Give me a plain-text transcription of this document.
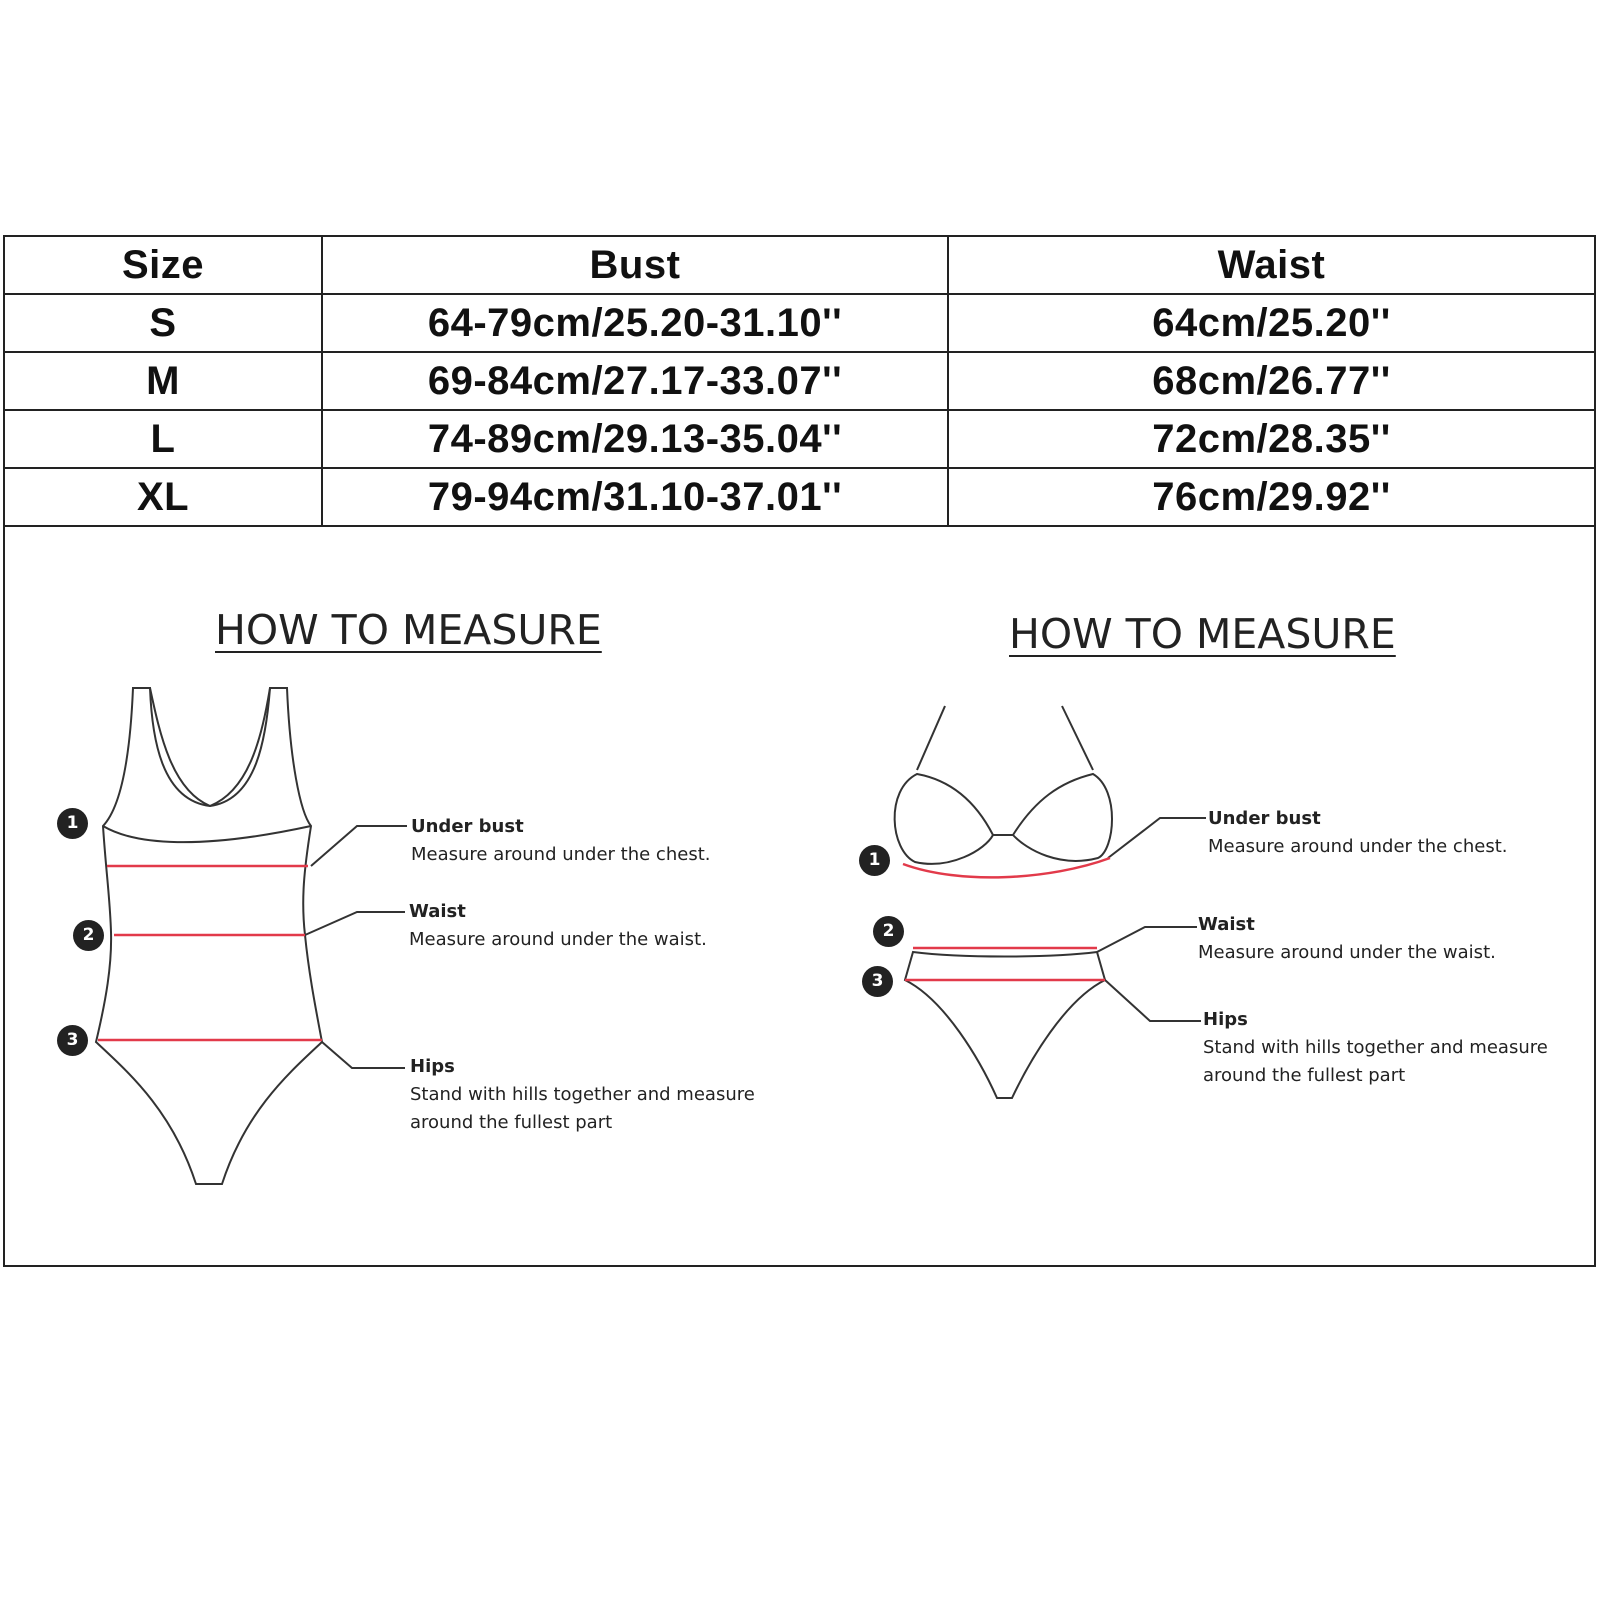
Size	Bust	Waist
S	64-79cm/25.20-31.10''	64cm/25.20''
M	69-84cm/27.17-33.07''	68cm/26.77''
L	74-89cm/29.13-35.04''	72cm/28.35''
XL	79-94cm/31.10-37.01''	76cm/29.92''
HOW TO MEASURE
1
2
3
Under bust
Measure around under the chest.
Waist
Measure around under the waist.
Hips
Stand with hills together and measure
around the fullest part
HOW TO MEASURE
1
2
3
Under bust
Measure around under the chest.
Waist
Measure around under the waist.
Hips
Stand with hills together and measure
around the fullest part
